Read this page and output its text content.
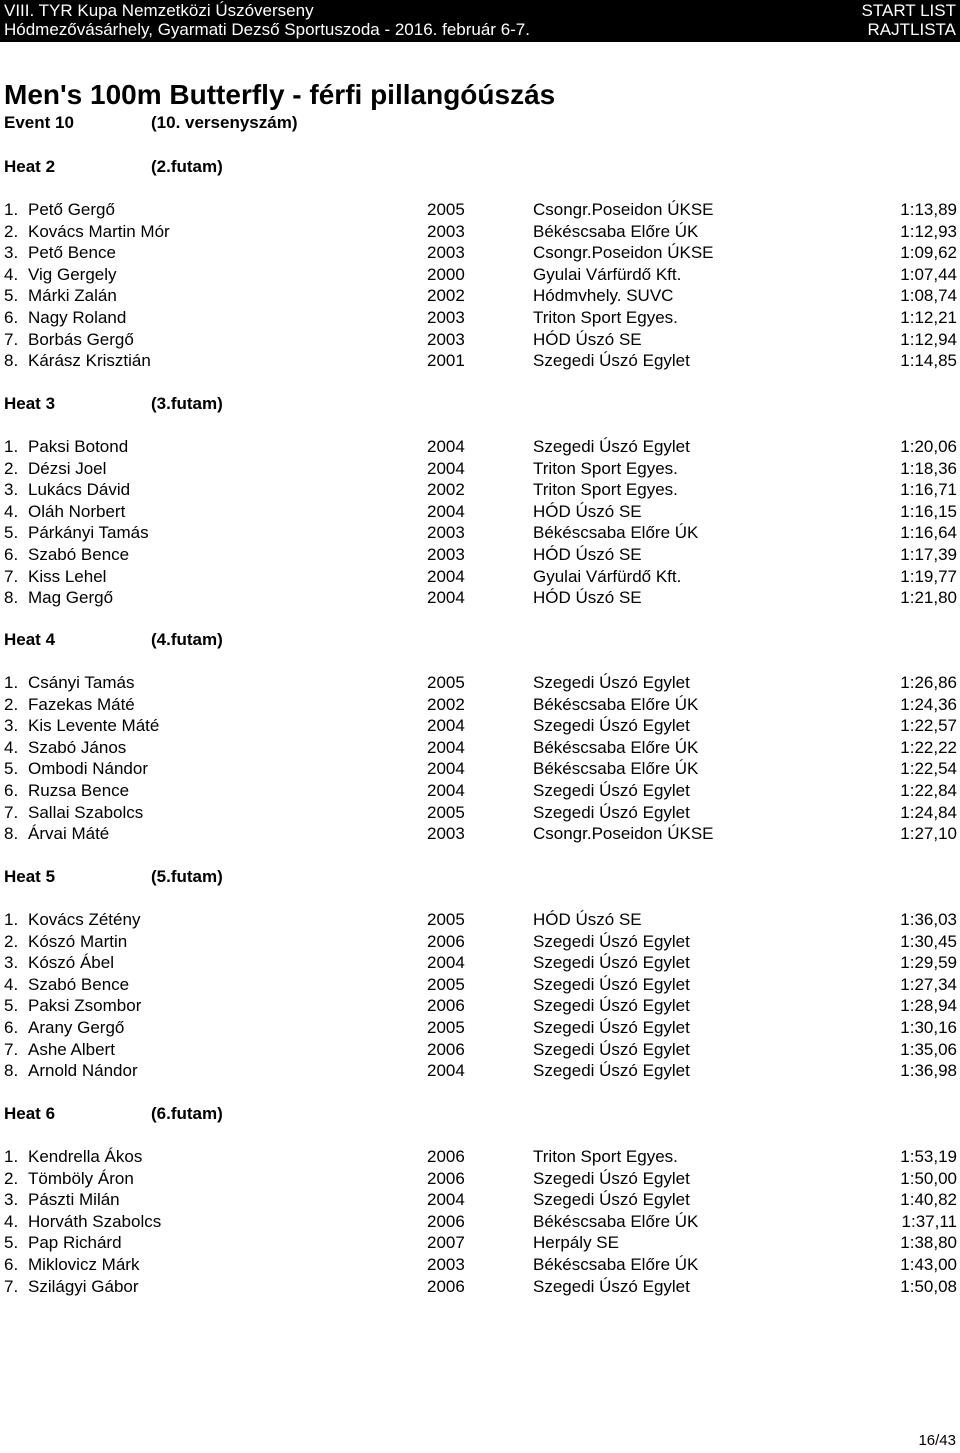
VIII. TYR Kupa Nemzetközi Úszóverseny
Hódmezővásárhely, Gyarmati Dezső Sportuszoda - 2016. február 6-7.
START LIST
RAJTLISTA
Men's 100m Butterfly - férfi pillangóúszás
Event 10	(10. versenyszám)
Heat 2	(2.futam)
1. Pető Gergő	2005	Csongr.Poseidon ÚKSE	1:13,89
2. Kovács Martin Mór	2003	Békéscsaba Előre ÚK	1:12,93
3. Pető Bence	2003	Csongr.Poseidon ÚKSE	1:09,62
4. Vig Gergely	2000	Gyulai Várfürdő Kft.	1:07,44
5. Márki Zalán	2002	Hódmvhely. SUVC	1:08,74
6. Nagy Roland	2003	Triton Sport Egyes.	1:12,21
7. Borbás Gergő	2003	HÓD Úszó SE	1:12,94
8. Kárász Krisztián	2001	Szegedi Úszó Egylet	1:14,85
Heat 3	(3.futam)
1. Paksi Botond	2004	Szegedi Úszó Egylet	1:20,06
2. Dézsi Joel	2004	Triton Sport Egyes.	1:18,36
3. Lukács Dávid	2002	Triton Sport Egyes.	1:16,71
4. Oláh Norbert	2004	HÓD Úszó SE	1:16,15
5. Párkányi Tamás	2003	Békéscsaba Előre ÚK	1:16,64
6. Szabó Bence	2003	HÓD Úszó SE	1:17,39
7. Kiss Lehel	2004	Gyulai Várfürdő Kft.	1:19,77
8. Mag Gergő	2004	HÓD Úszó SE	1:21,80
Heat 4	(4.futam)
1. Csányi Tamás	2005	Szegedi Úszó Egylet	1:26,86
2. Fazekas Máté	2002	Békéscsaba Előre ÚK	1:24,36
3. Kis Levente Máté	2004	Szegedi Úszó Egylet	1:22,57
4. Szabó János	2004	Békéscsaba Előre ÚK	1:22,22
5. Ombodi Nándor	2004	Békéscsaba Előre ÚK	1:22,54
6. Ruzsa Bence	2004	Szegedi Úszó Egylet	1:22,84
7. Sallai Szabolcs	2005	Szegedi Úszó Egylet	1:24,84
8. Árvai Máté	2003	Csongr.Poseidon ÚKSE	1:27,10
Heat 5	(5.futam)
1. Kovács Zétény	2005	HÓD Úszó SE	1:36,03
2. Kószó Martin	2006	Szegedi Úszó Egylet	1:30,45
3. Kószó Ábel	2004	Szegedi Úszó Egylet	1:29,59
4. Szabó Bence	2005	Szegedi Úszó Egylet	1:27,34
5. Paksi Zsombor	2006	Szegedi Úszó Egylet	1:28,94
6. Arany Gergő	2005	Szegedi Úszó Egylet	1:30,16
7. Ashe Albert	2006	Szegedi Úszó Egylet	1:35,06
8. Arnold Nándor	2004	Szegedi Úszó Egylet	1:36,98
Heat 6	(6.futam)
1. Kendrella Ákos	2006	Triton Sport Egyes.	1:53,19
2. Tömböly Áron	2006	Szegedi Úszó Egylet	1:50,00
3. Pászti Milán	2004	Szegedi Úszó Egylet	1:40,82
4. Horváth Szabolcs	2006	Békéscsaba Előre ÚK	1:37,11
5. Pap Richárd	2007	Herpály SE	1:38,80
6. Miklovicz Márk	2003	Békéscsaba Előre ÚK	1:43,00
7. Szilágyi Gábor	2006	Szegedi Úszó Egylet	1:50,08
16/43
